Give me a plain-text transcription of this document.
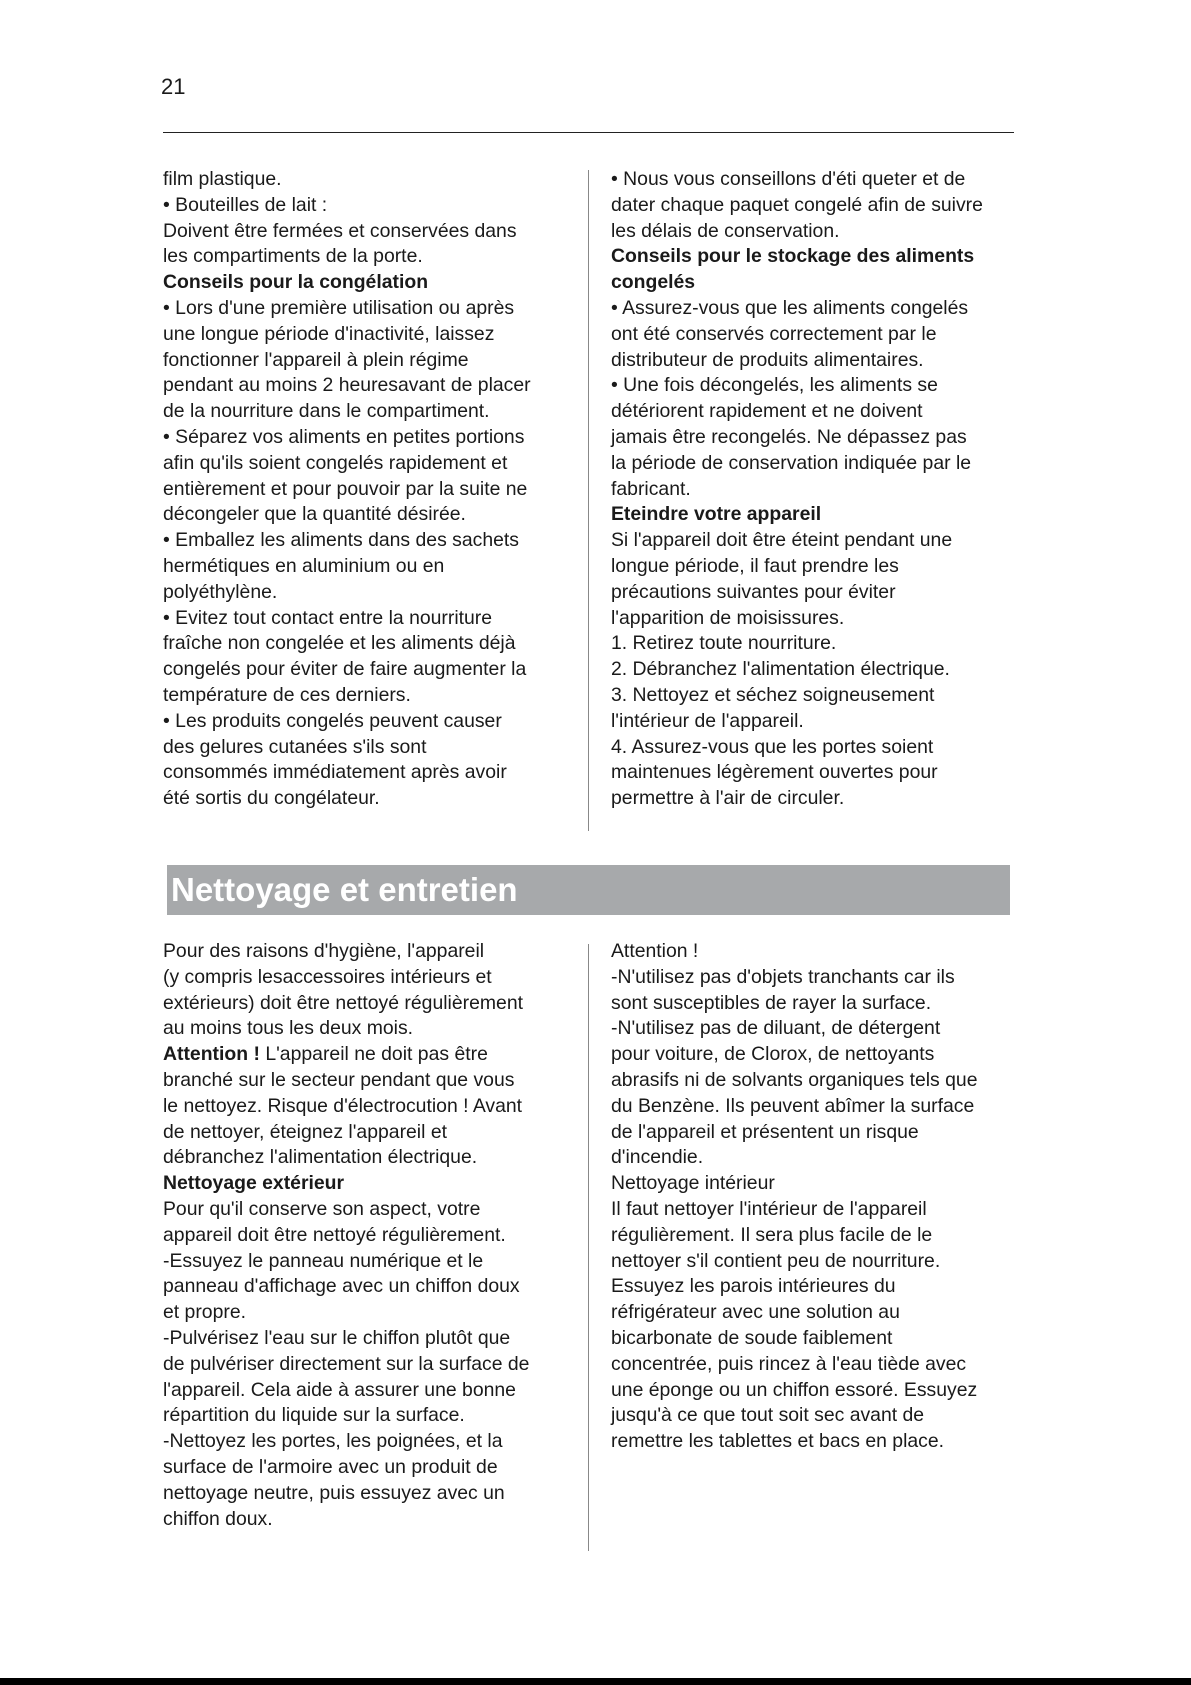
21

film plastique.

• Bouteilles de lait :

Doivent être fermées et conservées dans

les compartiments de la porte.

Conseils pour la congélation

• Lors d'une première utilisation ou après

une longue période d'inactivité, laissez

fonctionner l'appareil à plein régime

pendant au moins 2 heuresavant de placer

de la nourriture dans le compartiment.

• Séparez vos aliments en petites portions

afin qu'ils soient congelés rapidement et

entièrement et pour pouvoir par la suite ne

décongeler que la quantité désirée.

• Emballez les aliments dans des sachets

hermétiques en aluminium ou en

polyéthylène.

• Evitez tout contact entre la nourriture

fraîche non congelée et les aliments déjà

congelés pour éviter de faire augmenter la

température de ces derniers.

• Les produits congelés peuvent causer

des gelures cutanées s'ils sont

consommés immédiatement après avoir

été sortis du congélateur.

• Nous vous conseillons d'éti queter et de

dater chaque paquet congelé afin de suivre

les délais de conservation.

Conseils pour le stockage des aliments

congelés

• Assurez-vous que les aliments congelés

ont été conservés correctement par le

distributeur de produits alimentaires.

• Une fois décongelés, les aliments se

détériorent rapidement et ne doivent

jamais être recongelés. Ne dépassez pas

la période de conservation indiquée par le

fabricant.

Eteindre votre appareil

Si l'appareil doit être éteint pendant une

longue période, il faut prendre les

précautions suivantes pour éviter

l'apparition de moisissures.

1. Retirez toute nourriture.

2. Débranchez l'alimentation électrique.

3. Nettoyez et séchez soigneusement

l'intérieur de l'appareil.

4. Assurez-vous que les portes soient

maintenues légèrement ouvertes pour

permettre à l'air de circuler.

Nettoyage et entretien

Pour des raisons d'hygiène, l'appareil

(y compris lesaccessoires intérieurs et

extérieurs) doit être nettoyé régulièrement

au moins tous les deux mois.

Attention ! L'appareil ne doit pas être

branché sur le secteur pendant que vous

le nettoyez. Risque d'électrocution ! Avant

de nettoyer, éteignez l'appareil et

débranchez l'alimentation électrique.

Nettoyage extérieur

Pour qu'il conserve son aspect, votre

appareil doit être nettoyé régulièrement.

-Essuyez le panneau numérique et le

panneau d'affichage avec un chiffon doux

et propre.

-Pulvérisez l'eau sur le chiffon plutôt que

de pulvériser directement sur la surface de

l'appareil. Cela aide à assurer une bonne

répartition du liquide sur la surface.

-Nettoyez les portes, les poignées, et la

surface de l'armoire avec un produit de

nettoyage neutre, puis essuyez avec un

chiffon doux.

Attention !

-N'utilisez pas d'objets tranchants car ils

sont susceptibles de rayer la surface.

-N'utilisez pas de diluant, de détergent

pour voiture, de Clorox, de nettoyants

abrasifs ni de solvants organiques tels que

du Benzène. Ils peuvent abîmer la surface

de l'appareil et présentent un risque

d'incendie.

Nettoyage intérieur

Il faut nettoyer l'intérieur de l'appareil

régulièrement. Il sera plus facile de le

nettoyer s'il contient peu de nourriture.

Essuyez les parois intérieures du

réfrigérateur avec une solution au

bicarbonate de soude faiblement

concentrée, puis rincez à l'eau tiède avec

une éponge ou un chiffon essoré. Essuyez

jusqu'à ce que tout soit sec avant de

remettre les tablettes et bacs en place.
